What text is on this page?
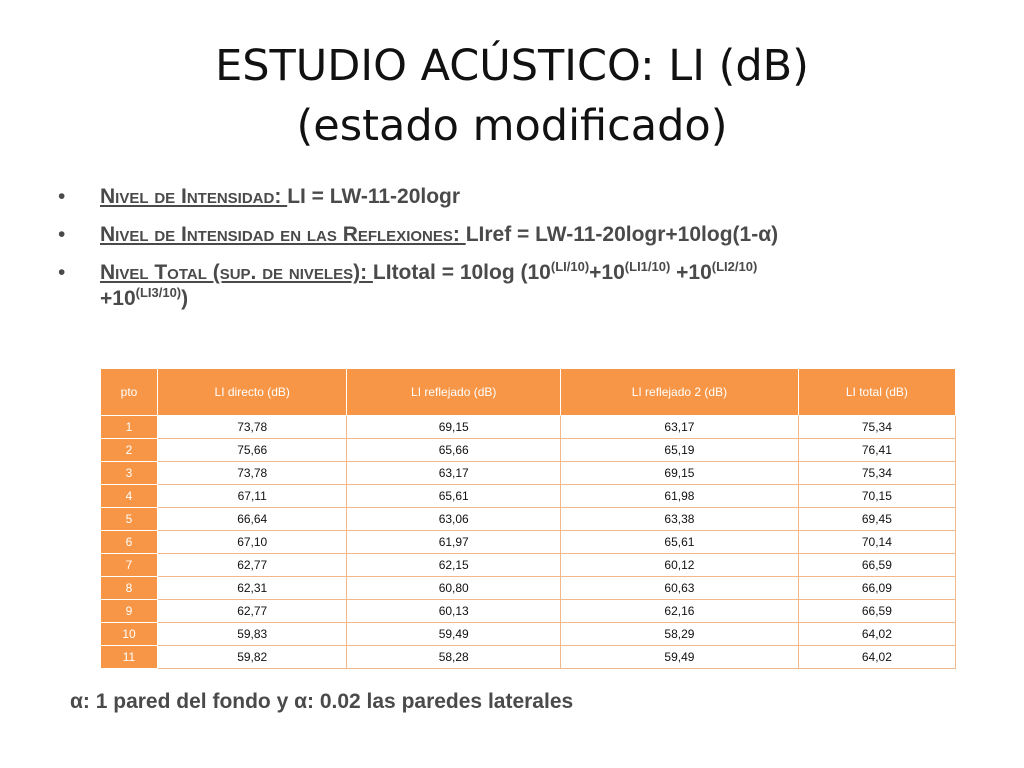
ESTUDIO ACÚSTICO: LI (dB)
(estado modificado)
• Nivel de Intensidad: LI = LW-11-20logr
• Nivel de Intensidad en las Reflexiones: LIref = LW-11-20logr+10log(1-α)
• Nivel Total (sup. de niveles): LItotal = 10log ($10^{(LI/10)}+10^{(LI1/10)} +10^{(LI2/10)}$
$+10^{(LI3/10)}$)
pto	LI directo (dB)	LI reflejado (dB)	LI reflejado 2 (dB)	LI total (dB)
1	73,78	69,15	63,17	75,34
2	75,66	65,66	65,19	76,41
3	73,78	63,17	69,15	75,34
4	67,11	65,61	61,98	70,15
5	66,64	63,06	63,38	69,45
6	67,10	61,97	65,61	70,14
7	62,77	62,15	60,12	66,59
8	62,31	60,80	60,63	66,09
9	62,77	60,13	62,16	66,59
10	59,83	59,49	58,29	64,02
11	59,82	58,28	59,49	64,02
α: 1 pared del fondo y α: 0.02 las paredes laterales
